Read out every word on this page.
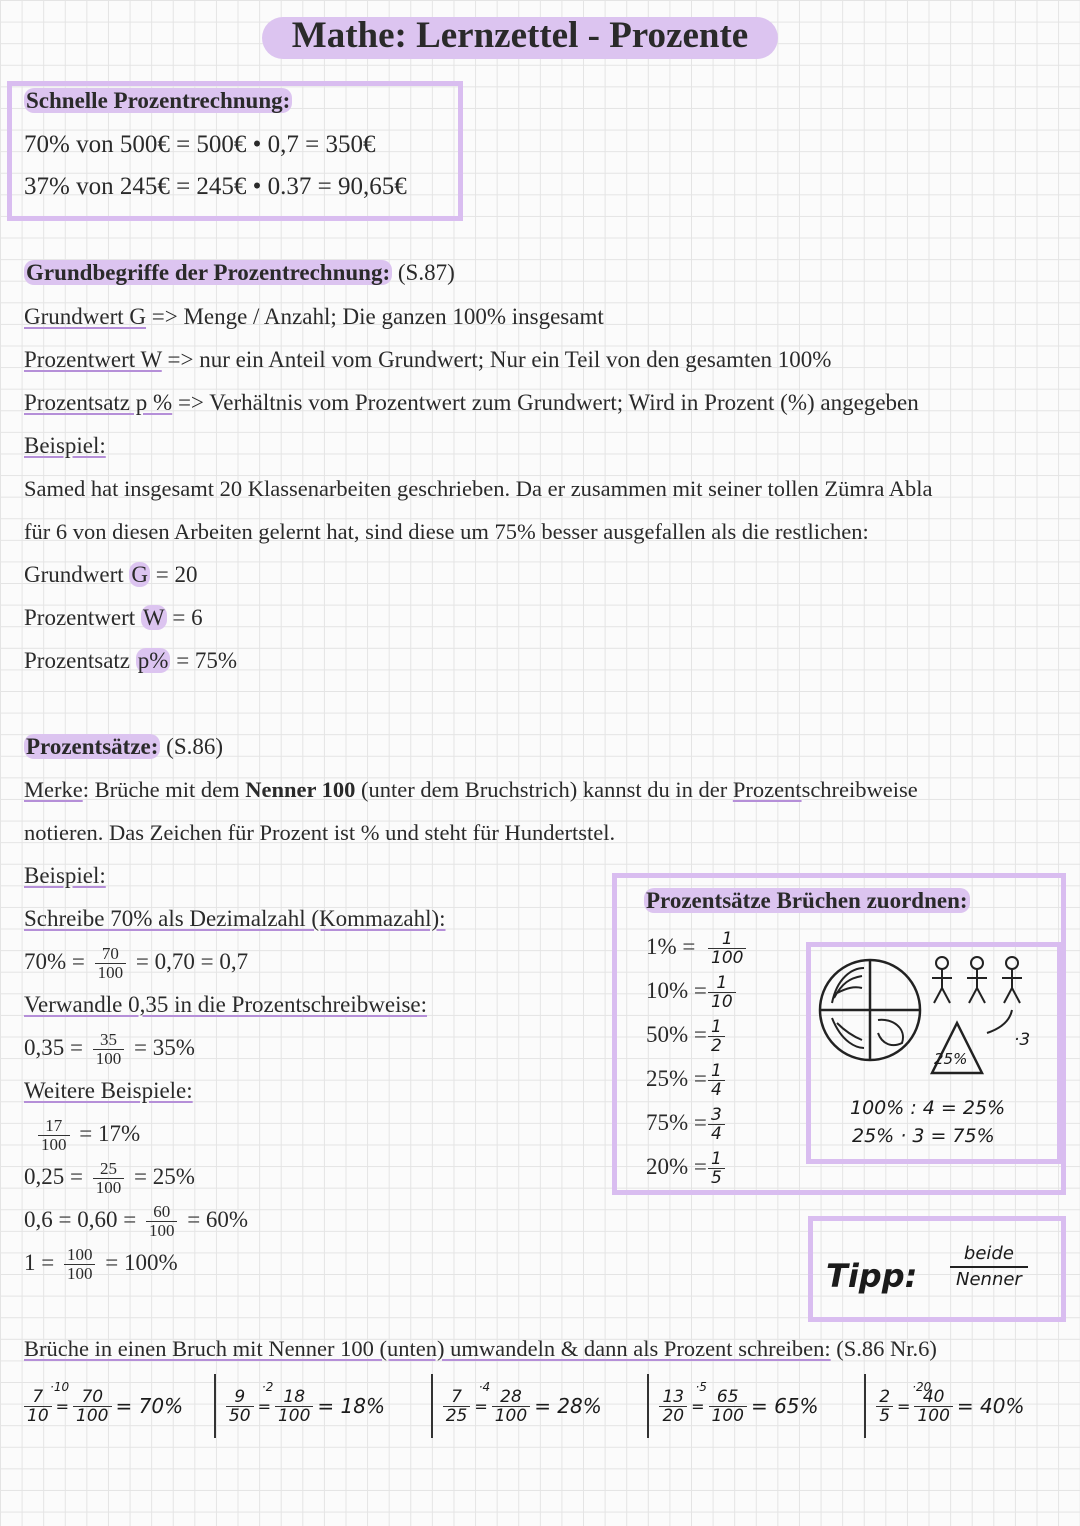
Mathe: Lernzettel - Prozente
Schnelle Prozentrechnung:
70% von 500€ = 500€ • 0,7 = 350€
37% von 245€ = 245€ • 0.37 = 90,65€
Grundbegriffe der Prozentrechnung: (S.87)
Grundwert G => Menge / Anzahl; Die ganzen 100% insgesamt
Prozentwert W => nur ein Anteil vom Grundwert; Nur ein Teil von den gesamten 100%
Prozentsatz p % => Verhältnis vom Prozentwert zum Grundwert; Wird in Prozent (%) angegeben
Beispiel:
Samed hat insgesamt 20 Klassenarbeiten geschrieben. Da er zusammen mit seiner tollen Zümra Abla
für 6 von diesen Arbeiten gelernt hat, sind diese um 75% besser ausgefallen als die restlichen:
Grundwert G = 20
Prozentwert W = 6
Prozentsatz p% = 75%
Prozentsätze: (S.86)
Merke: Brüche mit dem Nenner 100 (unter dem Bruchstrich) kannst du in der Prozentschreibweise
notieren. Das Zeichen für Prozent ist % und steht für Hundertstel.
Beispiel:
Schreibe 70% als Dezimalzahl (Kommazahl):
$70\% = \frac{70}{100} = 0,70 = 0,7$
Verwandle 0,35 in die Prozentschreibweise:
$0,35 = \frac{35}{100} = 35\%$
Weitere Beispiele:
$\frac{17}{100} = 17\%$
$0,25 = \frac{25}{100} = 25\%$
$0,6 = 0,60 = \frac{60}{100} = 60\%$
$1 = \frac{100}{100} = 100\%$
Prozentsätze Brüchen zuordnen:
$1\% = \frac{1}{100}$
$10\% = \frac{1}{10}$
$50\% = \frac{1}{2}$
$25\% = \frac{1}{4}$
$75\% = \frac{3}{4}$
$20\% = \frac{1}{5}$
25%
·3
100% : 4 = 25%
25% · 3 = 75%
Tipp:
beide
Nenner
Brüche in einen Bruch mit Nenner 100 (unten) umwandeln & dann als Prozent schreiben: (S.86 Nr.6)
·10
$\frac{7}{10} = \frac{70}{100} = 70\%$
·2
$\frac{9}{50} = \frac{18}{100} = 18\%$
·4
$\frac{7}{25} = \frac{28}{100} = 28\%$
·5
$\frac{13}{20} = \frac{65}{100} = 65\%$
·20
$\frac{2}{5} = \frac{40}{100} = 40\%$
